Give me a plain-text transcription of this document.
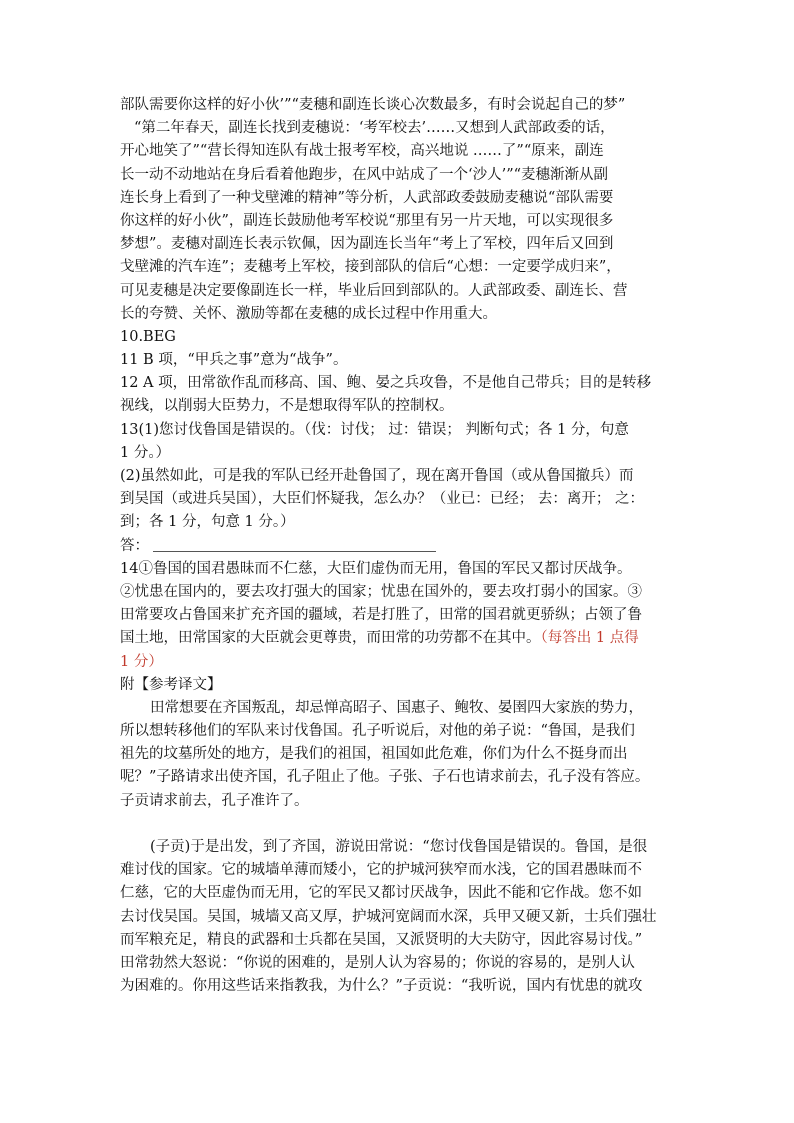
部队需要你这样的好小伙’”“麦穗和副连长谈心次数最多，有时会说起自己的梦”
“第二年春天，副连长找到麦穗说：‘考军校去’……又想到人武部政委的话，
开心地笑了”“营长得知连队有战士报考军校，高兴地说 ……了”“原来，副连
长一动不动地站在身后看着他跑步，在风中站成了一个‘沙人’”“麦穗渐渐从副
连长身上看到了一种戈壁滩的精神”等分析，人武部政委鼓励麦穗说“部队需要
你这样的好小伙”，副连长鼓励他考军校说“那里有另一片天地，可以实现很多
梦想”。麦穗对副连长表示钦佩，因为副连长当年“考上了军校，四年后又回到
戈壁滩的汽车连”；麦穗考上军校，接到部队的信后“心想：一定要学成归来”，
可见麦穗是决定要像副连长一样，毕业后回到部队的。人武部政委、副连长、营
长的夸赞、关怀、激励等都在麦穗的成长过程中作用重大。
10.BEG
11 B 项，“甲兵之事”意为“战争”。
12 A 项，田常欲作乱而移高、国、鲍、晏之兵攻鲁，不是他自己带兵；目的是转移
视线，以削弱大臣势力，不是想取得军队的控制权。
13(1)您讨伐鲁国是错误的。（伐：讨伐； 过：错误； 判断句式；各 1 分，句意
1 分。）
(2)虽然如此，可是我的军队已经开赴鲁国了，现在离开鲁国（或从鲁国撤兵）而
到吴国（或进兵吴国），大臣们怀疑我，怎么办？（业已：已经； 去：离开； 之：
到；各 1 分，句意 1 分。）
答：
14①鲁国的国君愚昧而不仁慈，大臣们虚伪而无用，鲁国的军民又都讨厌战争。
②忧患在国内的，要去攻打强大的国家；忧患在国外的，要去攻打弱小的国家。③
田常要攻占鲁国来扩充齐国的疆域，若是打胜了，田常的国君就更骄纵；占领了鲁
国土地，田常国家的大臣就会更尊贵，而田常的功劳都不在其中。（每答出 1 点得
1 分）
附【参考译文】
田常想要在齐国叛乱，却忌惮高昭子、国惠子、鲍牧、晏圉四大家族的势力，
所以想转移他们的军队来讨伐鲁国。孔子听说后，对他的弟子说：“鲁国，是我们
祖先的坟墓所处的地方，是我们的祖国，祖国如此危难，你们为什么不挺身而出
呢？”子路请求出使齐国，孔子阻止了他。子张、子石也请求前去，孔子没有答应。
子贡请求前去，孔子准许了。
(子贡)于是出发，到了齐国，游说田常说：“您讨伐鲁国是错误的。鲁国，是很
难讨伐的国家。它的城墙单薄而矮小，它的护城河狭窄而水浅，它的国君愚昧而不
仁慈，它的大臣虚伪而无用，它的军民又都讨厌战争，因此不能和它作战。您不如
去讨伐吴国。吴国，城墙又高又厚，护城河宽阔而水深，兵甲又硬又新，士兵们强壮
而军粮充足，精良的武器和士兵都在吴国，又派贤明的大夫防守，因此容易讨伐。”
田常勃然大怒说：“你说的困难的，是别人认为容易的；你说的容易的，是别人认
为困难的。你用这些话来指教我，为什么？”子贡说：“我听说，国内有忧患的就攻
